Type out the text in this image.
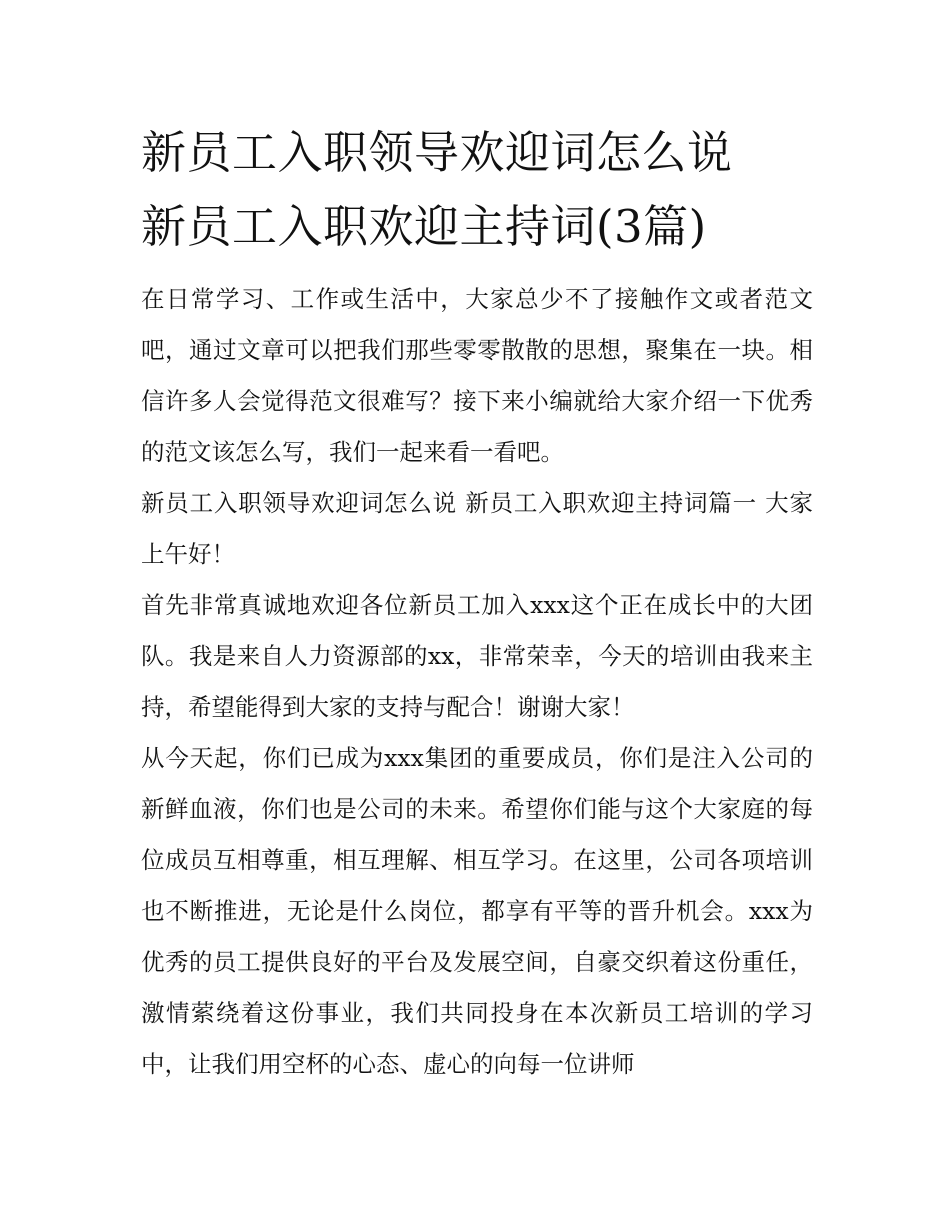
新员工入职领导欢迎词怎么说
新员工入职欢迎主持词(3篇)

在日常学习、工作或生活中，大家总少不了接触作文或者范文吧，通过文章可以把我们那些零零散散的思想，聚集在一块。相信许多人会觉得范文很难写？接下来小编就给大家介绍一下优秀的范文该怎么写，我们一起来看一看吧。

新员工入职领导欢迎词怎么说 新员工入职欢迎主持词篇一 大家上午好！

首先非常真诚地欢迎各位新员工加入xxx这个正在成长中的大团队。我是来自人力资源部的xx，非常荣幸，今天的培训由我来主持，希望能得到大家的支持与配合！谢谢大家！

从今天起，你们已成为xxx集团的重要成员，你们是注入公司的新鲜血液，你们也是公司的未来。希望你们能与这个大家庭的每位成员互相尊重，相互理解、相互学习。在这里，公司各项培训也不断推进，无论是什么岗位，都享有平等的晋升机会。xxx为优秀的员工提供良好的平台及发展空间，自豪交织着这份重任，激情萦绕着这份事业，我们共同投身在本次新员工培训的学习中，让我们用空杯的心态、虚心的向每一位讲师
